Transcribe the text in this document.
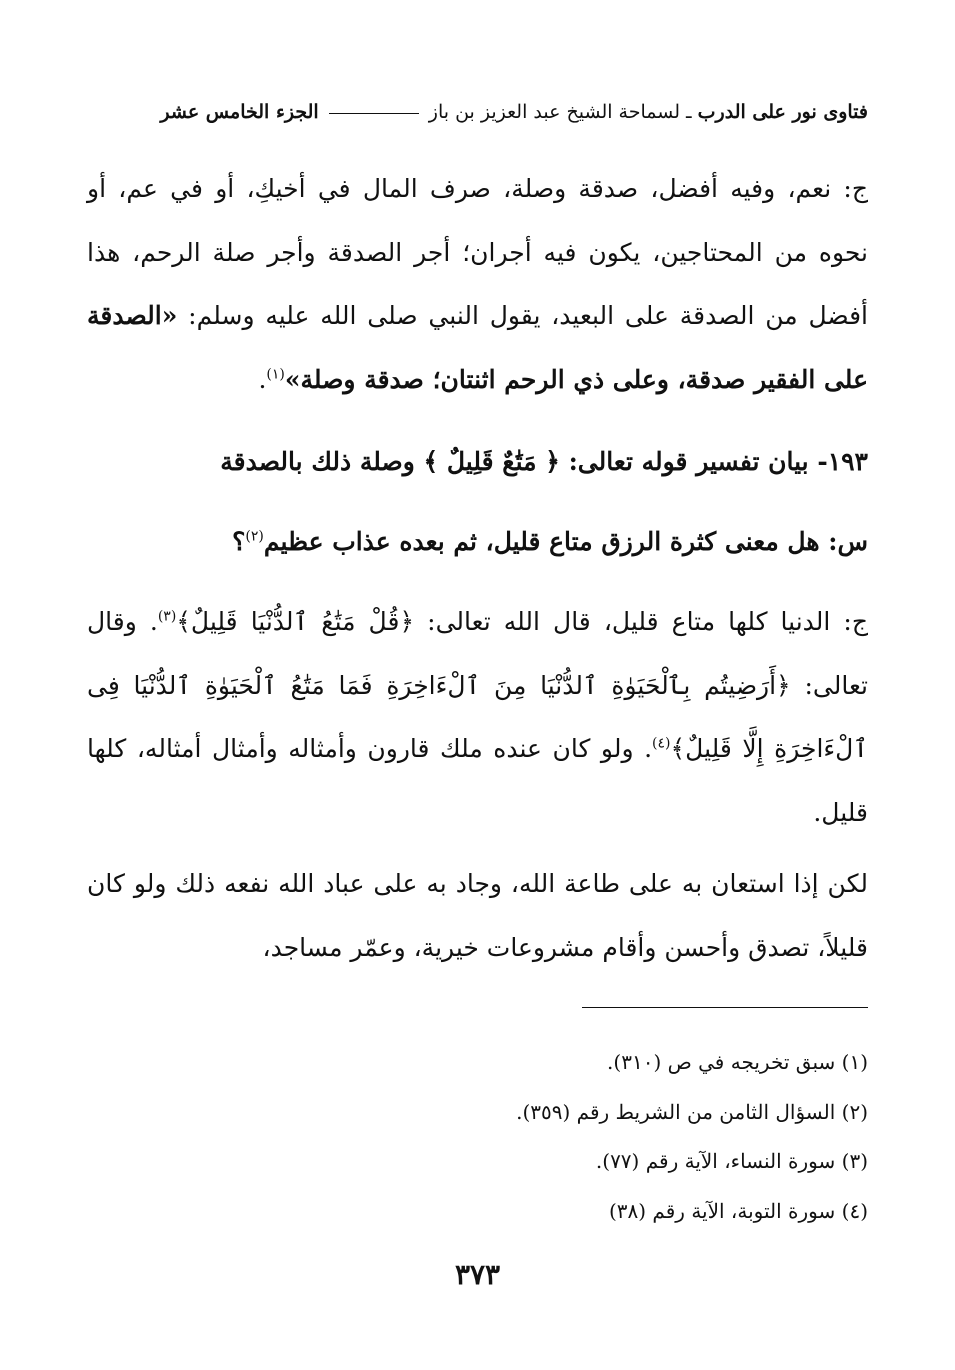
فتاوى نور على الدرب ـ لسماحة الشيخ عبد العزيز بن باز  الجزء الخامس عشر

ج: نعم، وفيه أفضل، صدقة وصلة، صرف المال في أخيكِ، أو في عم، أو نحوه من المحتاجين، يكون فيه أجران؛ أجر الصدقة وأجر صلة الرحم، هذا أفضل من الصدقة على البعيد، يقول النبي صلى الله عليه وسلم: «الصدقة على الفقير صدقة، وعلى ذي الرحم اثنتان؛ صدقة وصلة»$^{(١)}$.

١٩٣- بيان تفسير قوله تعالى: ﴿ مَتَٰعٌ قَلِيلٌ ﴾ وصلة ذلك بالصدقة
س: هل معنى كثرة الرزق متاع قليل، ثم بعده عذاب عظيم$^{(٢)}$؟

ج: الدنيا كلها متاع قليل، قال الله تعالى: ﴿قُلْ مَتَٰعُ ٱلدُّنْيَا قَلِيلٌ﴾$^{(٣)}$. وقال تعالى: ﴿أَرَضِيتُم بِٱلْحَيَوٰةِ ٱلدُّنْيَا مِنَ ٱلْءَاخِرَةِ فَمَا مَتَٰعُ ٱلْحَيَوٰةِ ٱلدُّنْيَا فِى ٱلْءَاخِرَةِ إِلَّا قَلِيلٌ﴾$^{(٤)}$. ولو كان عنده ملك قارون وأمثاله وأمثال أمثاله، كلها قليل.

لكن إذا استعان به على طاعة الله، وجاد به على عباد الله نفعه ذلك ولو كان قليلاً، تصدق وأحسن وأقام مشروعات خيرية، وعمّر مساجد،

(١) سبق تخريجه في ص (٣١٠).
(٢) السؤال الثامن من الشريط رقم (٣٥٩).
(٣) سورة النساء، الآية رقم (٧٧).
(٤) سورة التوبة، الآية رقم (٣٨)
٣٧٣
